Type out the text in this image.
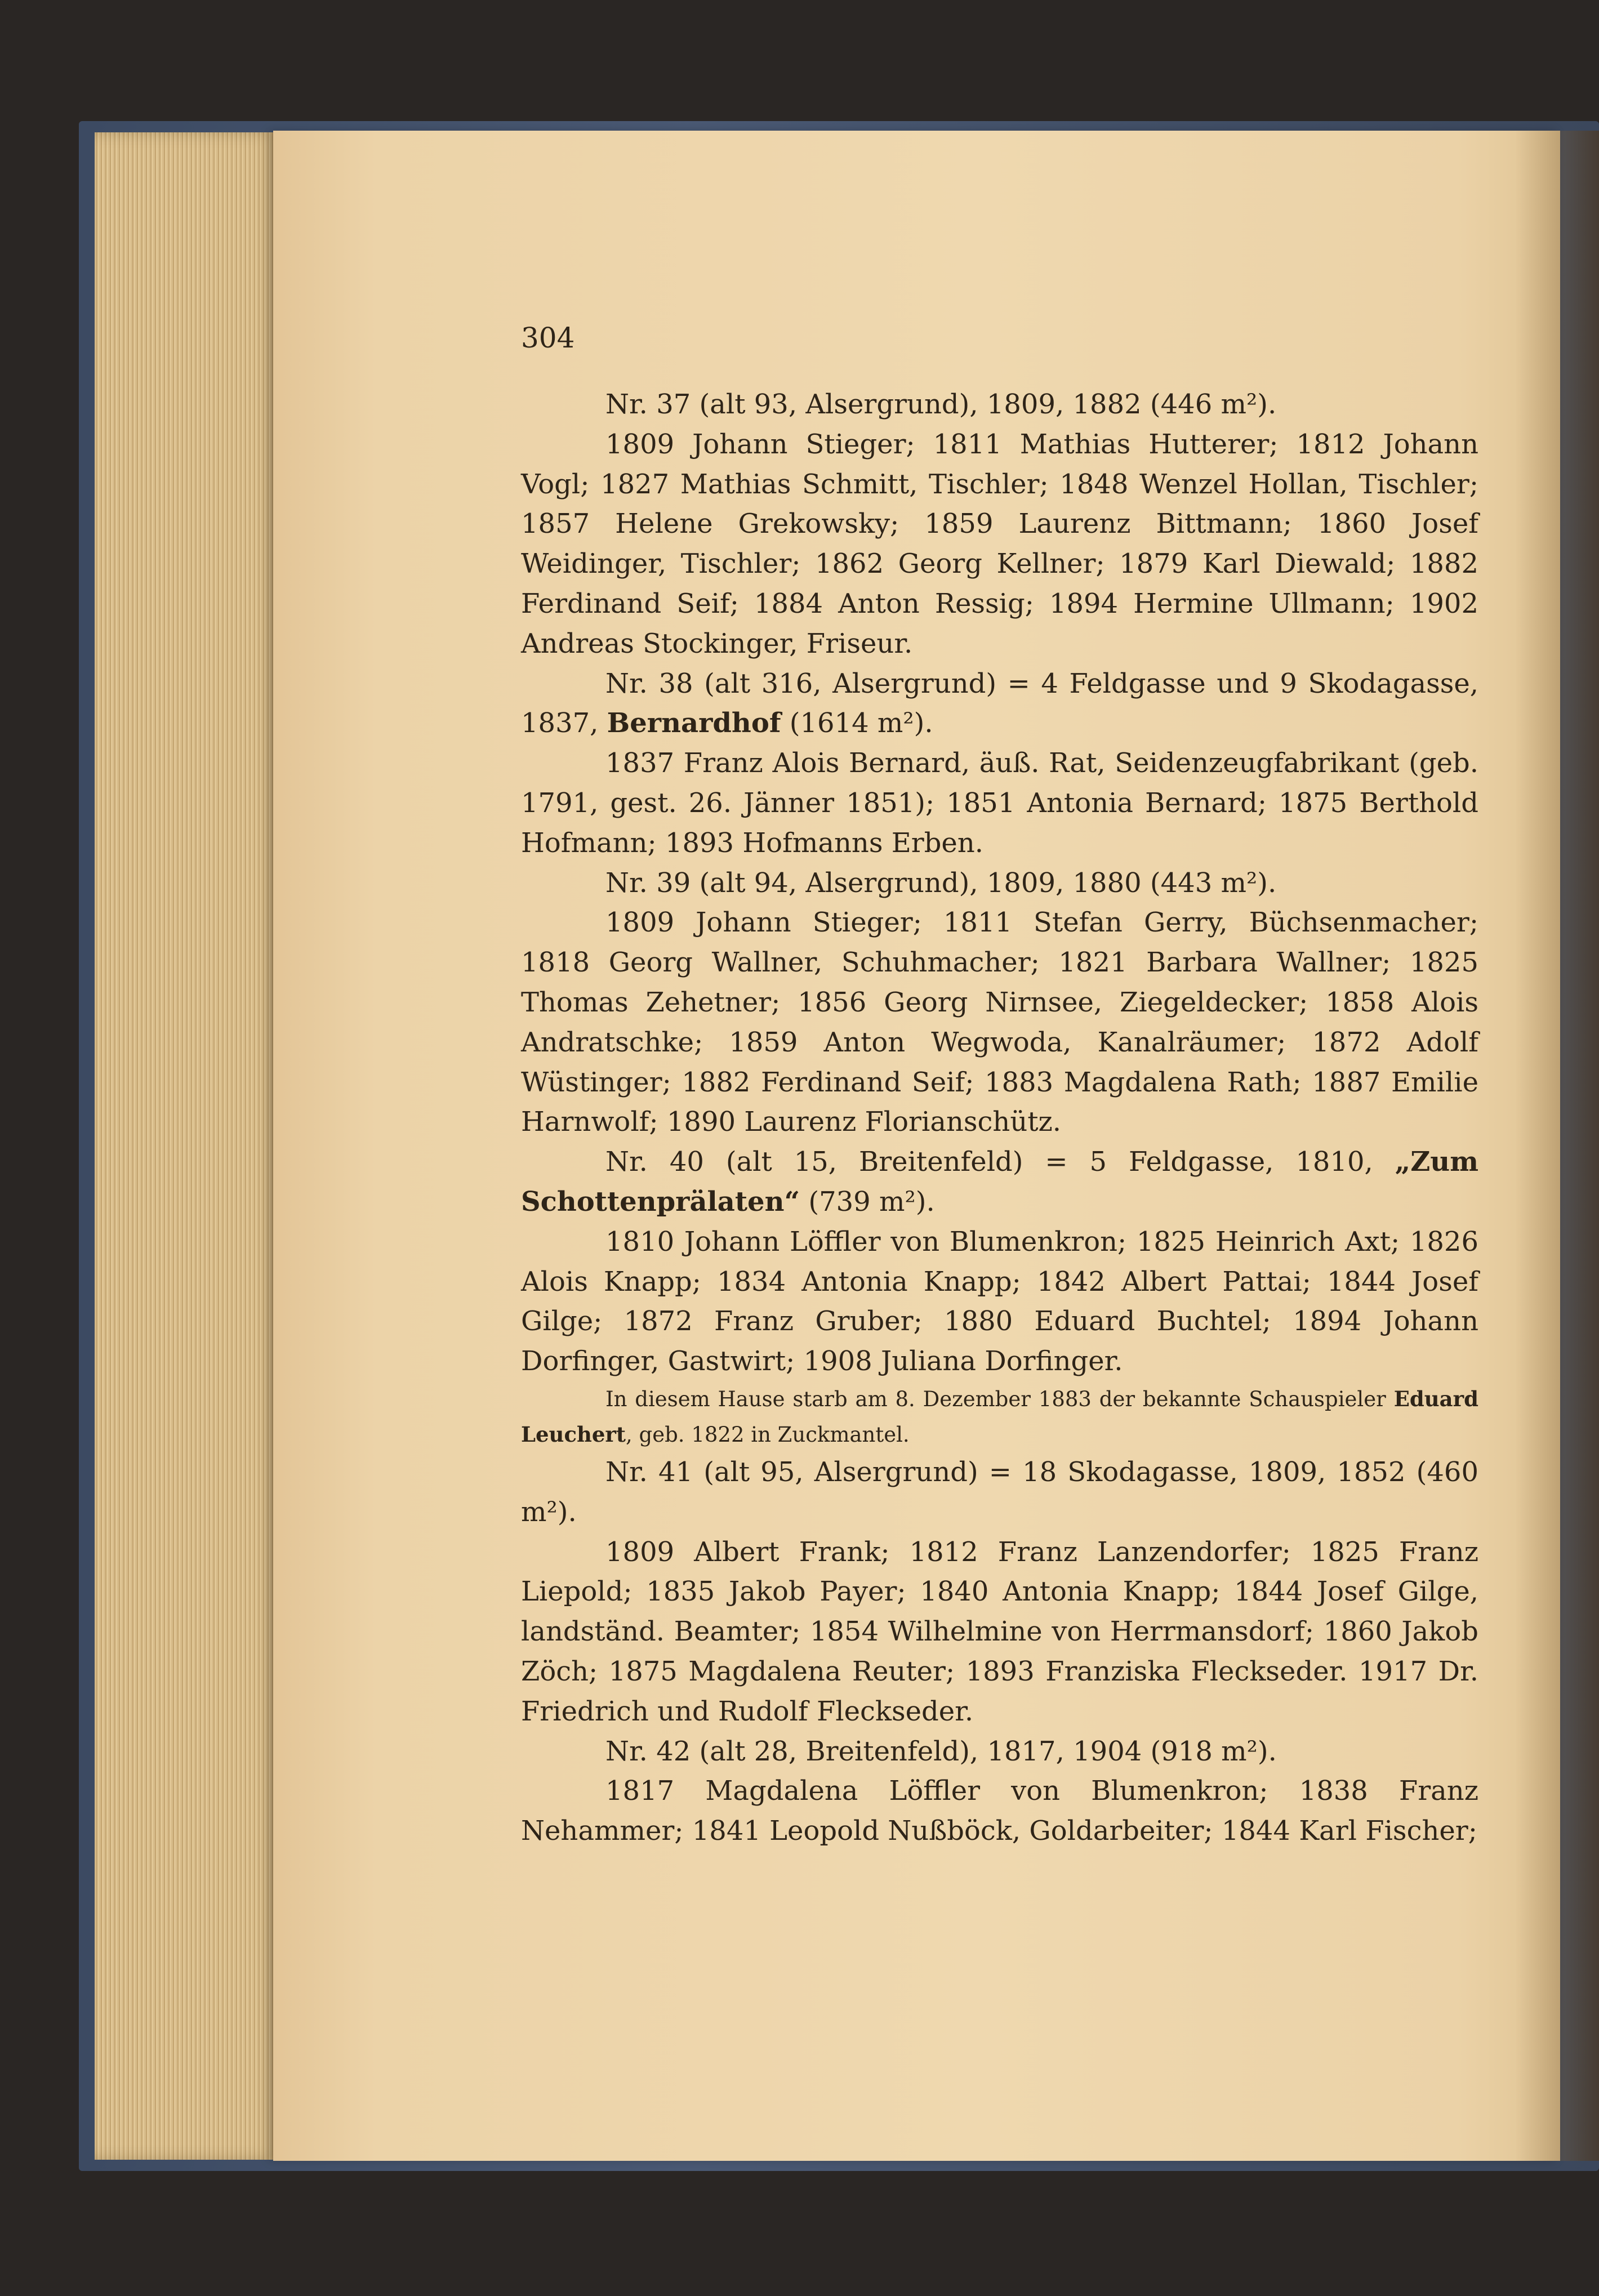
304

Nr. 37 (alt 93, Alsergrund), 1809, 1882 (446 m²).

1809 Johann Stieger; 1811 Mathias Hutterer; 1812 Johann Vogl; 1827 Mathias Schmitt, Tischler; 1848 Wenzel Hollan, Tischler; 1857 Helene Grekowsky; 1859 Laurenz Bittmann; 1860 Josef Weidinger, Tischler; 1862 Georg Kellner; 1879 Karl Diewald; 1882 Ferdinand Seif; 1884 Anton Ressig; 1894 Hermine Ullmann; 1902 Andreas Stockinger, Friseur.

Nr. 38 (alt 316, Alsergrund) = 4 Feldgasse und 9 Skodagasse, 1837, Bernardhof (1614 m²).

1837 Franz Alois Bernard, äuß. Rat, Seidenzeugfabrikant (geb. 1791, gest. 26. Jänner 1851); 1851 Antonia Bernard; 1875 Berthold Hofmann; 1893 Hofmanns Erben.

Nr. 39 (alt 94, Alsergrund), 1809, 1880 (443 m²).

1809 Johann Stieger; 1811 Stefan Gerry, Büchsenmacher; 1818 Georg Wallner, Schuhmacher; 1821 Barbara Wallner; 1825 Thomas Zehetner; 1856 Georg Nirnsee, Ziegeldecker; 1858 Alois Andratschke; 1859 Anton Wegwoda, Kanalräumer; 1872 Adolf Wüstinger; 1882 Ferdinand Seif; 1883 Magdalena Rath; 1887 Emilie Harnwolf; 1890 Laurenz Florianschütz.

Nr. 40 (alt 15, Breitenfeld) = 5 Feldgasse, 1810, „Zum Schottenprälaten“ (739 m²).

1810 Johann Löffler von Blumenkron; 1825 Heinrich Axt; 1826 Alois Knapp; 1834 Antonia Knapp; 1842 Albert Pattai; 1844 Josef Gilge; 1872 Franz Gruber; 1880 Eduard Buchtel; 1894 Johann Dorfinger, Gastwirt; 1908 Juliana Dorfinger.

In diesem Hause starb am 8. Dezember 1883 der bekannte Schauspieler Eduard Leuchert, geb. 1822 in Zuckmantel.

Nr. 41 (alt 95, Alsergrund) = 18 Skodagasse, 1809, 1852 (460 m²).

1809 Albert Frank; 1812 Franz Lanzendorfer; 1825 Franz Liepold; 1835 Jakob Payer; 1840 Antonia Knapp; 1844 Josef Gilge, landständ. Beamter; 1854 Wilhelmine von Herrmansdorf; 1860 Jakob Zöch; 1875 Magdalena Reuter; 1893 Franziska Fleckseder. 1917 Dr. Friedrich und Rudolf Fleckseder.

Nr. 42 (alt 28, Breitenfeld), 1817, 1904 (918 m²).

1817 Magdalena Löffler von Blumenkron; 1838 Franz Nehammer; 1841 Leopold Nußböck, Goldarbeiter; 1844 Karl Fischer;
